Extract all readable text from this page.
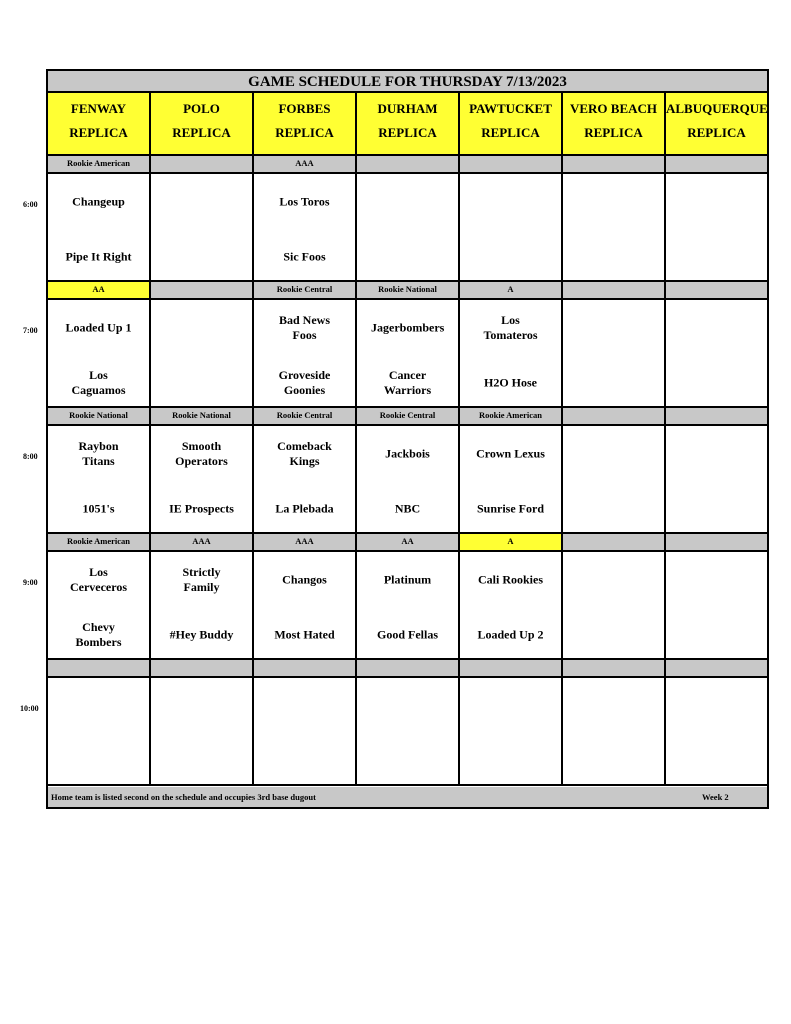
GAME SCHEDULE FOR THURSDAY 7/13/2023
FENWAY
REPLICA
POLO
REPLICA
FORBES
REPLICA
DURHAM
REPLICA
PAWTUCKET
REPLICA
VERO BEACH
REPLICA
ALBUQUERQUE
REPLICA
Rookie American
Changeup
Pipe It Right
AAA
Los Toros
Sic Foos
AA
Loaded Up 1
Los Caguamos
Rookie Central
Bad News Foos
Groveside Goonies
Rookie National
Jagerbombers
Cancer Warriors
A
Los Tomateros
H2O Hose
Rookie National
Raybon Titans
1051's
Rookie National
Smooth Operators
IE Prospects
Rookie Central
Comeback Kings
La Plebada
Rookie Central
Jackbois
NBC
Rookie American
Crown Lexus
Sunrise Ford
Rookie American
Los Cerveceros
Chevy Bombers
AAA
Strictly Family
#Hey Buddy
AAA
Changos
Most Hated
AA
Platinum
Good Fellas
A
Cali Rookies
Loaded Up 2
Home team is listed second on the schedule and occupies 3rd base dugout	Week 2
6:00
7:00
8:00
9:00
10:00
